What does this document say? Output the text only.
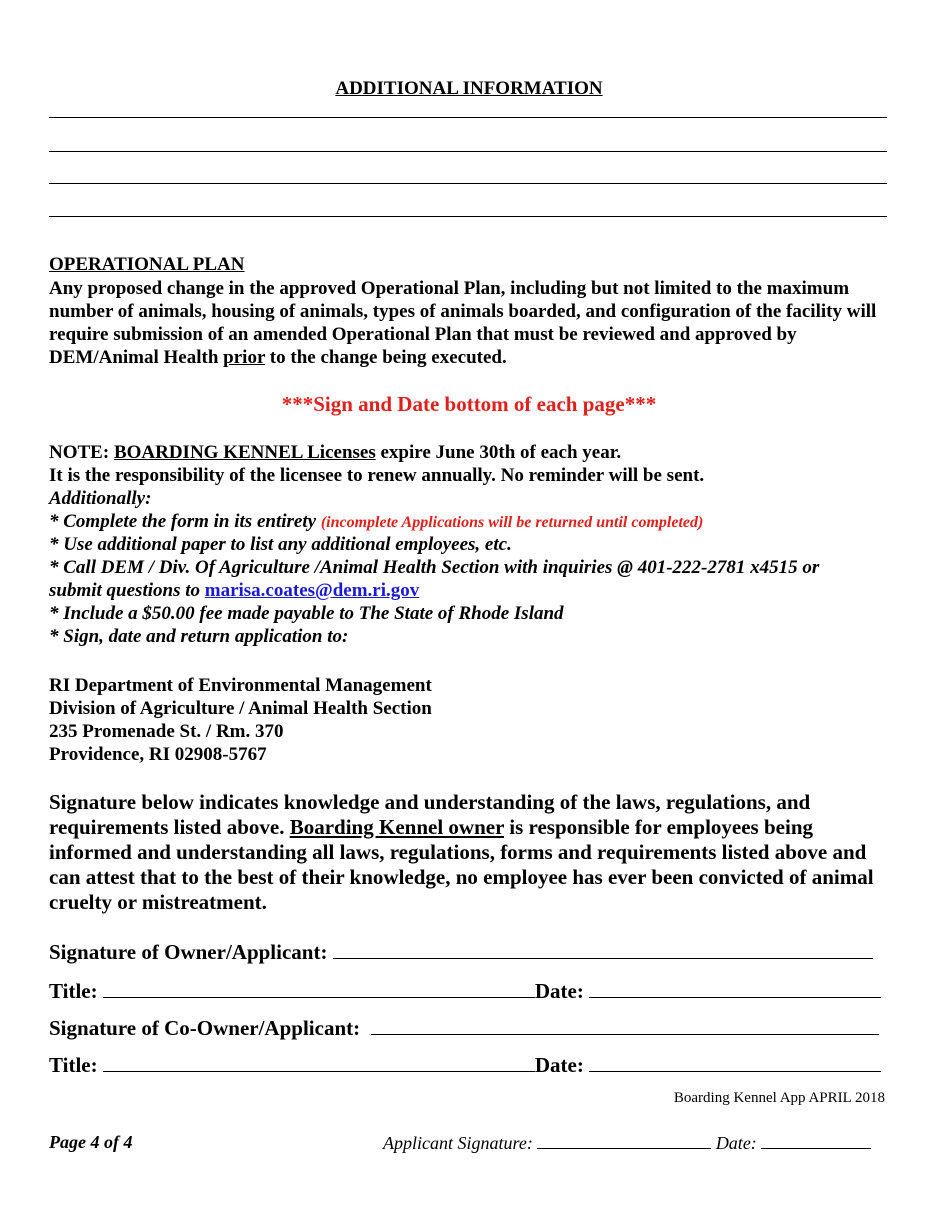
ADDITIONAL INFORMATION
OPERATIONAL PLAN
Any proposed change in the approved Operational Plan, including but not limited to the maximum number of animals, housing of animals, types of animals boarded, and configuration of the facility will require submission of an amended Operational Plan that must be reviewed and approved by DEM/Animal Health prior to the change being executed.
***Sign and Date bottom of each page***
NOTE: BOARDING KENNEL Licenses expire June 30th of each year.
It is the responsibility of the licensee to renew annually. No reminder will be sent.
Additionally:
* Complete the form in its entirety (incomplete Applications will be returned until completed)
* Use additional paper to list any additional employees, etc.
* Call DEM / Div. Of Agriculture /Animal Health Section with inquiries @ 401-222-2781 x4515 or
submit questions to marisa.coates@dem.ri.gov
* Include a $50.00 fee made payable to The State of Rhode Island
* Sign, date and return application to:
RI Department of Environmental Management
Division of Agriculture / Animal Health Section
235 Promenade St. / Rm. 370
Providence, RI 02908-5767
Signature below indicates knowledge and understanding of the laws, regulations, and requirements listed above. Boarding Kennel owner is responsible for employees being informed and understanding all laws, regulations, forms and requirements listed above and can attest that to the best of their knowledge, no employee has ever been convicted of animal cruelty or mistreatment.
Signature of Owner/Applicant:
Title:	Date:
Signature of Co-Owner/Applicant:
Title:	Date:
Boarding Kennel App APRIL 2018
Page 4 of 4	Applicant Signature:	Date:
